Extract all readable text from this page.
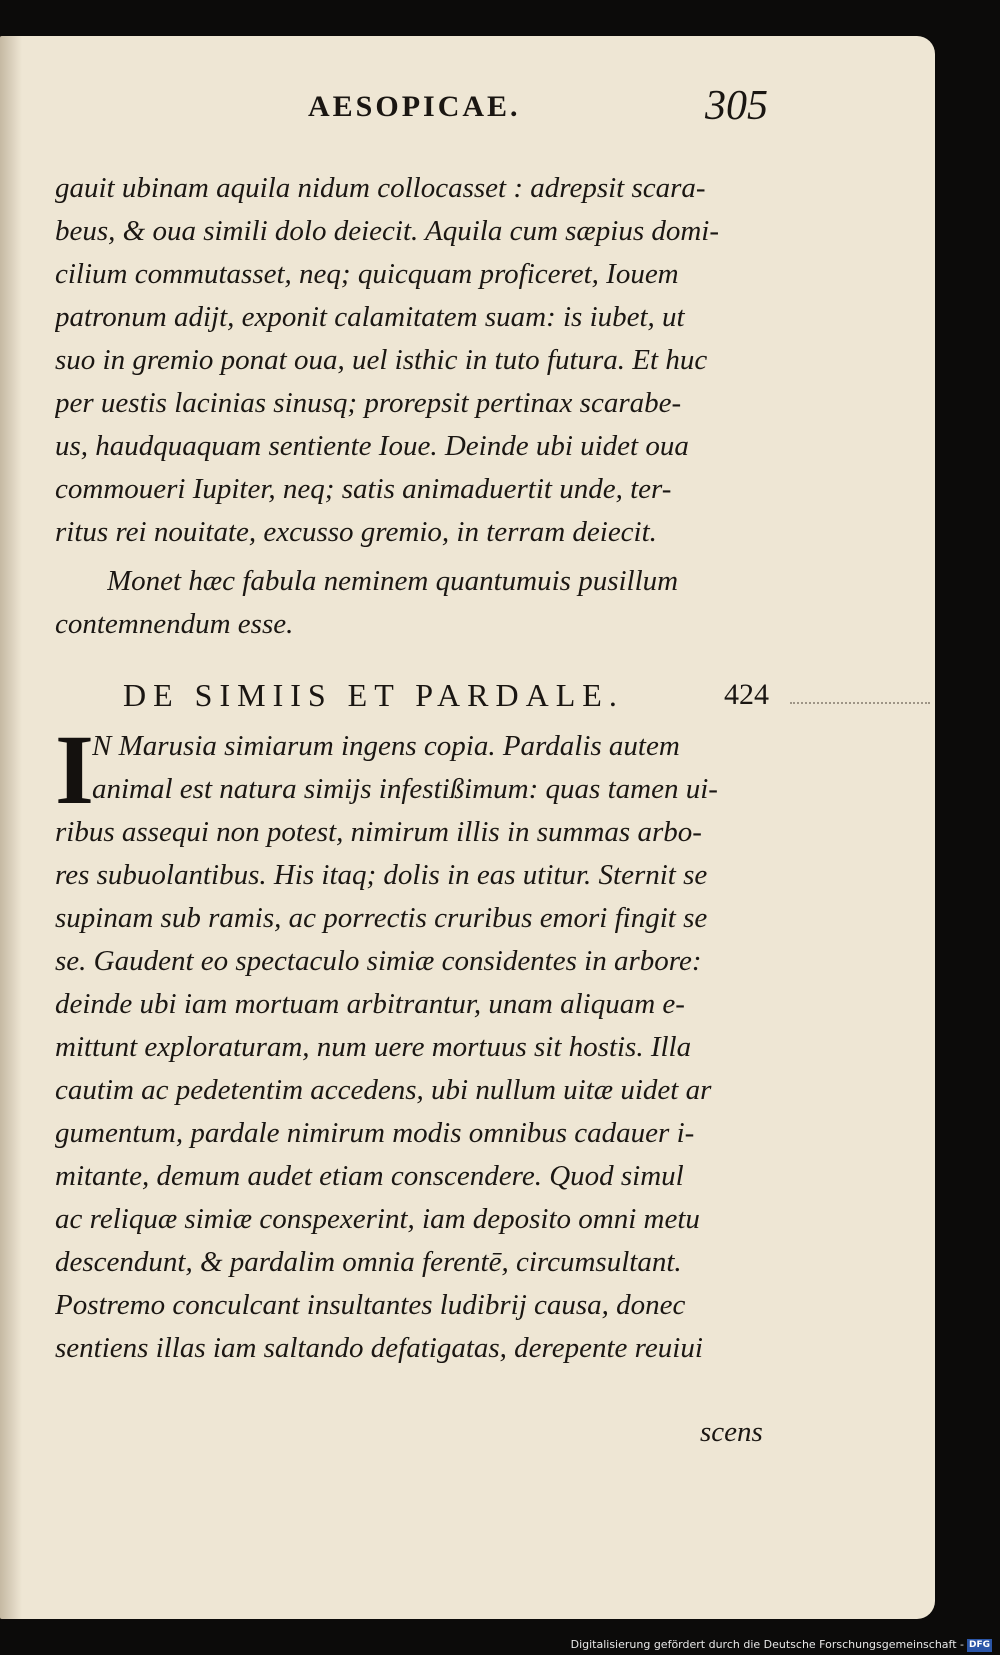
AESOPICAE.	305
gauit ubinam aquila nidum collocasset : adrepsit scara-
beus, & oua simili dolo deiecit. Aquila cum sæpius domi-
cilium commutasset, neq; quicquam proficeret, Iouem
patronum adijt, exponit calamitatem suam: is iubet, ut
suo in gremio ponat oua, uel isthic in tuto futura. Et huc
per uestis lacinias sinusq; prorepsit pertinax scarabe-
us, haudquaquam sentiente Ioue. Deinde ubi uidet oua
commoueri Iupiter, neq; satis animaduertit unde, ter-
ritus rei nouitate, excusso gremio, in terram deiecit.
Monet hæc fabula neminem quantumuis pusillum
contemnendum esse.
DE SIMIIS ET PARDALE.	424
I
N Marusia simiarum ingens copia. Pardalis autem
animal est natura simijs infestißimum: quas tamen ui-
ribus assequi non potest, nimirum illis in summas arbo-
res subuolantibus. His itaq; dolis in eas utitur. Sternit se
supinam sub ramis, ac porrectis cruribus emori fingit se
se. Gaudent eo spectaculo simiæ considentes in arbore:
deinde ubi iam mortuam arbitrantur, unam aliquam e-
mittunt exploraturam, num uere mortuus sit hostis. Illa
cautim ac pedetentim accedens, ubi nullum uitæ uidet ar
gumentum, pardale nimirum modis omnibus cadauer i-
mitante, demum audet etiam conscendere. Quod simul
ac reliquæ simiæ conspexerint, iam deposito omni metu
descendunt, & pardalim omnia ferentē, circumsultant.
Postremo conculcant insultantes ludibrij causa, donec
sentiens illas iam saltando defatigatas, derepente reuiui
scens
Digitalisierung gefördert durch die Deutsche Forschungsgemeinschaft - DFG
